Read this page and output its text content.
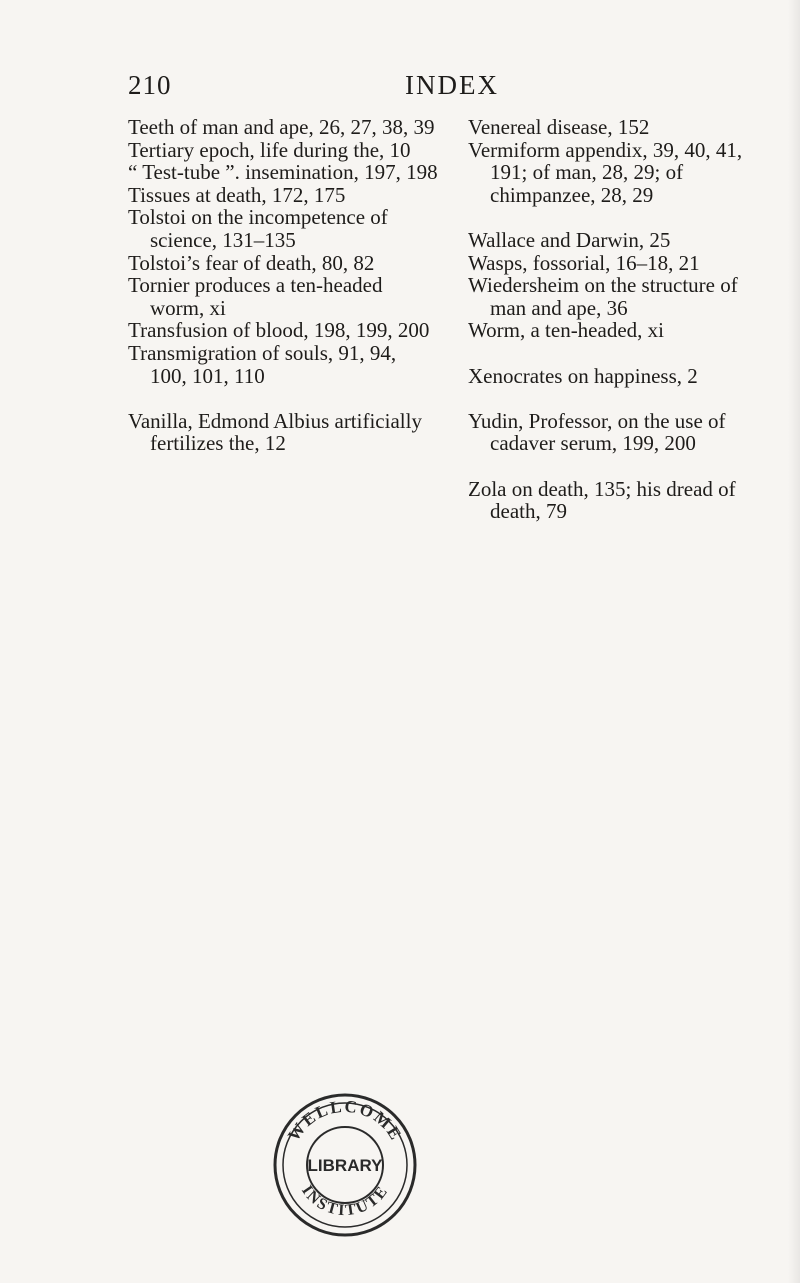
210	INDEX

Teeth of man and ape, 26, 27, 38, 39

Tertiary epoch, life during the, 10

“ Test-tube ”. insemination, 197, 198

Tissues at death, 172, 175

Tolstoi on the incompetence of science, 131–135

Tolstoi’s fear of death, 80, 82

Tornier produces a ten-headed worm, xi

Transfusion of blood, 198, 199, 200

Transmigration of souls, 91, 94, 100, 101, 110

Vanilla, Edmond Albius artificially fertilizes the, 12

Venereal disease, 152

Vermiform appendix, 39, 40, 41, 191; of man, 28, 29; of chimpanzee, 28, 29

Wallace and Darwin, 25

Wasps, fossorial, 16–18, 21

Wiedersheim on the structure of man and ape, 36

Worm, a ten-headed, xi

Xenocrates on happiness, 2

Yudin, Professor, on the use of cadaver serum, 199, 200

Zola on death, 135; his dread of death, 79

WELLCOME
LIBRARY
INSTITUTE
